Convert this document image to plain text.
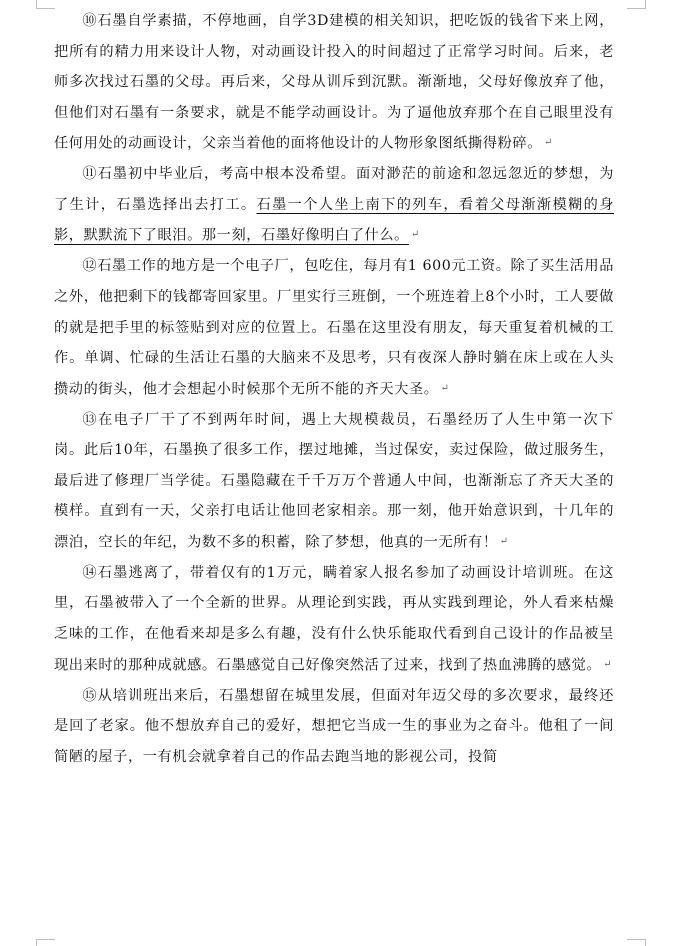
⑩石墨自学素描，不停地画，自学3D建模的相关知识，把吃饭的钱省下来上网，把所有的精力用来设计人物，对动画设计投入的时间超过了正常学习时间。后来，老师多次找过石墨的父母。再后来，父母从训斥到沉默。渐渐地，父母好像放弃了他，但他们对石墨有一条要求，就是不能学动画设计。为了逼他放弃那个在自己眼里没有任何用处的动画设计，父亲当着他的面将他设计的人物形象图纸撕得粉碎。 ↵

⑪石墨初中毕业后，考高中根本没希望。面对渺茫的前途和忽远忽近的梦想，为了生计，石墨选择出去打工。石墨一个人坐上南下的列车，看着父母渐渐模糊的身影，默默流下了眼泪。那一刻，石墨好像明白了什么。 ↵

⑫石墨工作的地方是一个电子厂，包吃住，每月有1 600元工资。除了买生活用品之外，他把剩下的钱都寄回家里。厂里实行三班倒，一个班连着上8个小时，工人要做的就是把手里的标签贴到对应的位置上。石墨在这里没有朋友，每天重复着机械的工作。单调、忙碌的生活让石墨的大脑来不及思考，只有夜深人静时躺在床上或在人头攒动的街头，他才会想起小时候那个无所不能的齐天大圣。 ↵

⑬在电子厂干了不到两年时间，遇上大规模裁员，石墨经历了人生中第一次下岗。此后10年，石墨换了很多工作，摆过地摊，当过保安，卖过保险，做过服务生，最后进了修理厂当学徒。石墨隐藏在千千万万个普通人中间，也渐渐忘了齐天大圣的模样。直到有一天，父亲打电话让他回老家相亲。那一刻，他开始意识到，十几年的漂泊，空长的年纪，为数不多的积蓄，除了梦想，他真的一无所有！ ↵

⑭石墨逃离了，带着仅有的1万元，瞒着家人报名参加了动画设计培训班。在这里，石墨被带入了一个全新的世界。从理论到实践，再从实践到理论，外人看来枯燥乏味的工作，在他看来却是多么有趣，没有什么快乐能取代看到自己设计的作品被呈现出来时的那种成就感。石墨感觉自己好像突然活了过来，找到了热血沸腾的感觉。 ↵

⑮从培训班出来后，石墨想留在城里发展，但面对年迈父母的多次要求，最终还是回了老家。他不想放弃自己的爱好，想把它当成一生的事业为之奋斗。他租了一间简陋的屋子，一有机会就拿着自己的作品去跑当地的影视公司，投简
